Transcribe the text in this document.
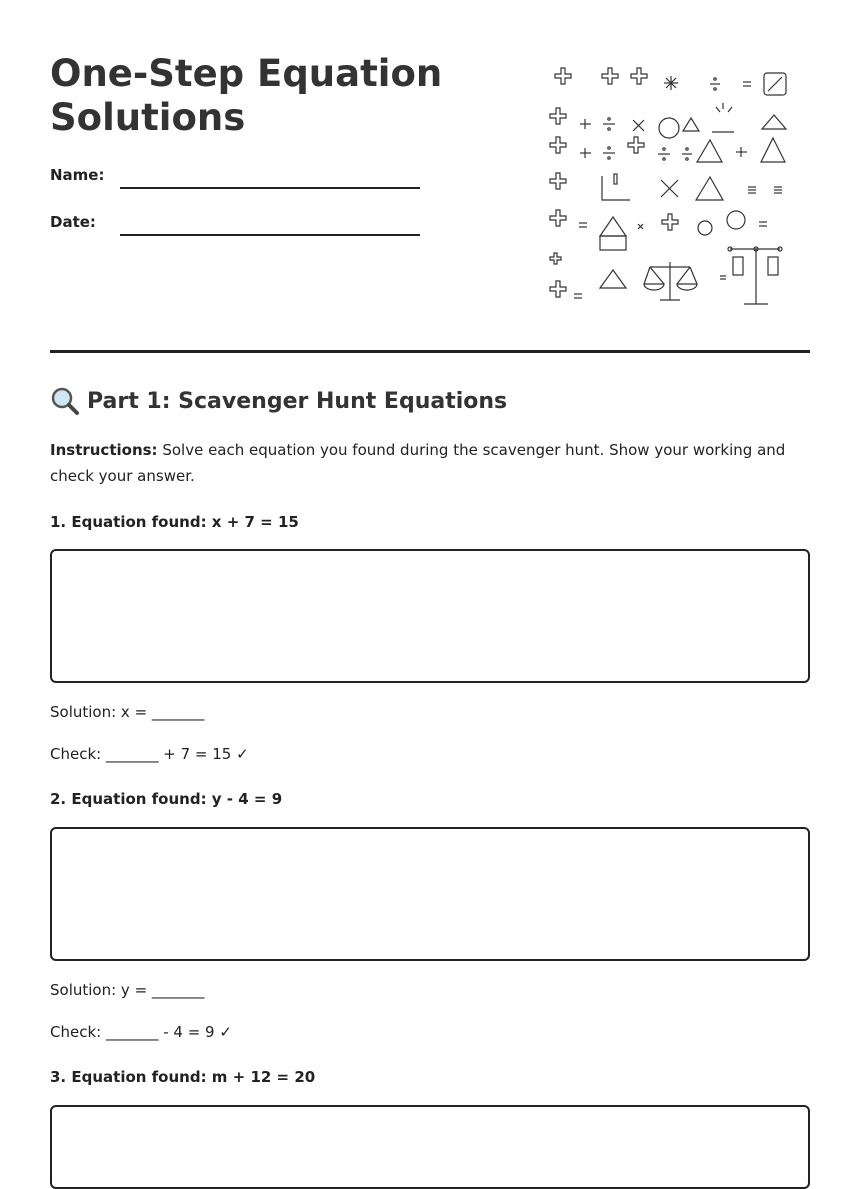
One-Step Equation Solutions
Name:
Date:
Part 1: Scavenger Hunt Equations

Instructions: Solve each equation you found during the scavenger hunt. Show your working and check your answer.

1. Equation found: x + 7 = 15

Solution: x = _______
Check: _______ + 7 = 15 ✓

2. Equation found: y - 4 = 9

Solution: y = _______
Check: _______ - 4 = 9 ✓

3. Equation found: m + 12 = 20
